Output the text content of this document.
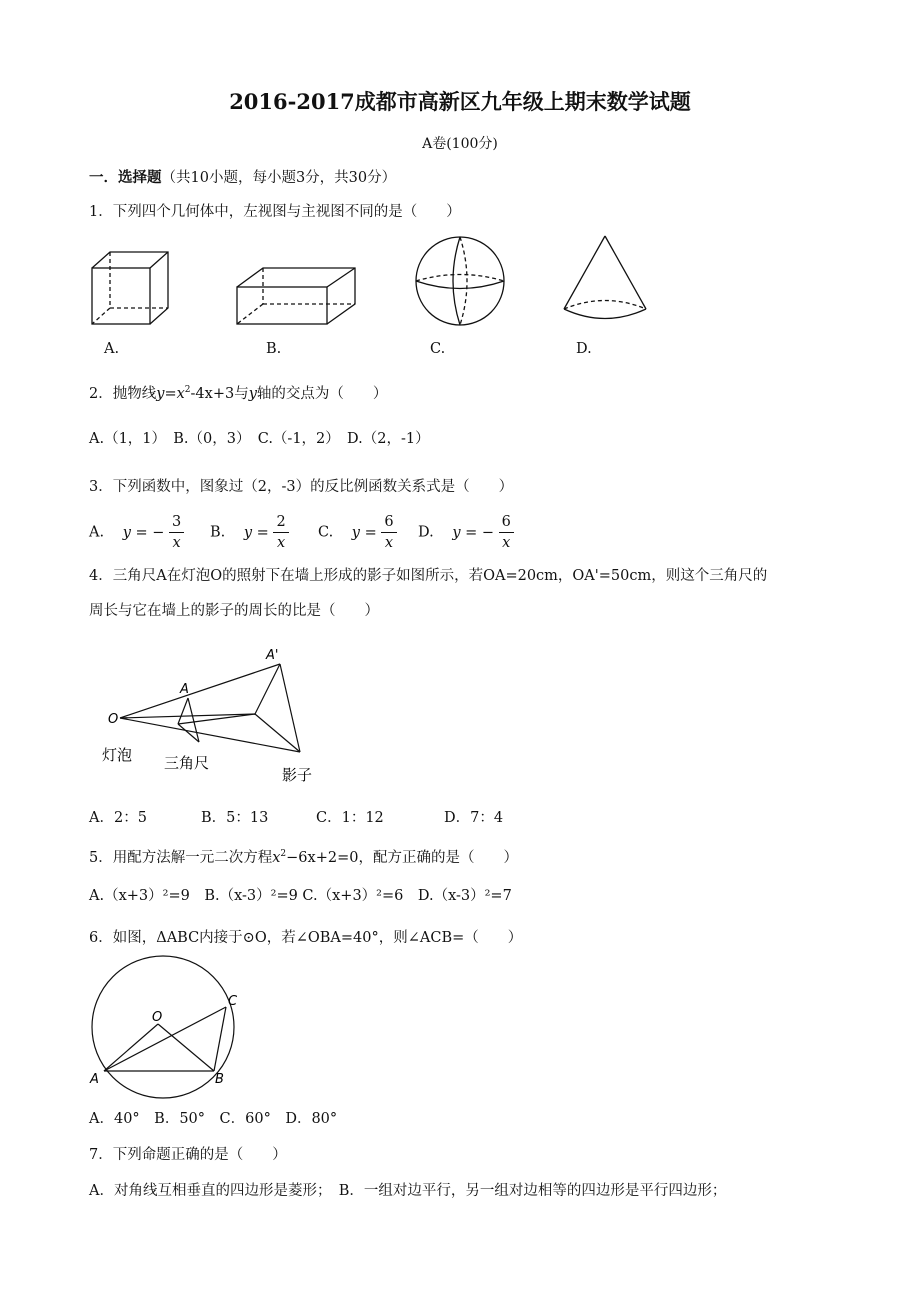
2016-2017成都市高新区九年级上期末数学试题
A卷(100分)
一．选择题（共10小题，每小题3分，共30分）
1．下列四个几何体中，左视图与主视图不同的是（　　）
A.	B.	C.	D.
2．抛物线$y=x^2-4x+3$与y轴的交点为（　　）
A.（1，1）　B.（0，3）　C.（-1，2）　D.（2，-1）
3．下列函数中，图象过（2，-3）的反比例函数关系式是（　　）
A. y = − $\frac{3}{x} B$. $y = \frac{2}{x} C$. $y = \frac{6}{x} D$. y = − $\frac{6}{x}$
4．三角尺A在灯泡O的照射下在墙上形成的影子如图所示，若OA=20cm，OA'=50cm，则这个三角尺的
周长与它在墙上的影子的周长的比是（　　）
O
A
A'
灯泡 三角尺
影子
A．2：5	B．5：13	C．1：12	D．7：4
5．用配方法解一元二次方程$x^2-6x+2=0$，配方正确的是（　　）
A.（x+3）²=9　B.（x-3）²=9 C.（x+3）²=6　D.（x-3）²=7
6．如图，ΔABC内接于⊙O，若∠OBA=40°，则∠ACB=（　　）
A	B
C
O
A．40°　B．50°　C．60°　D．80°
7．下列命题正确的是（　　）
A．对角线互相垂直的四边形是菱形；　B．一组对边平行，另一组对边相等的四边形是平行四边形；
